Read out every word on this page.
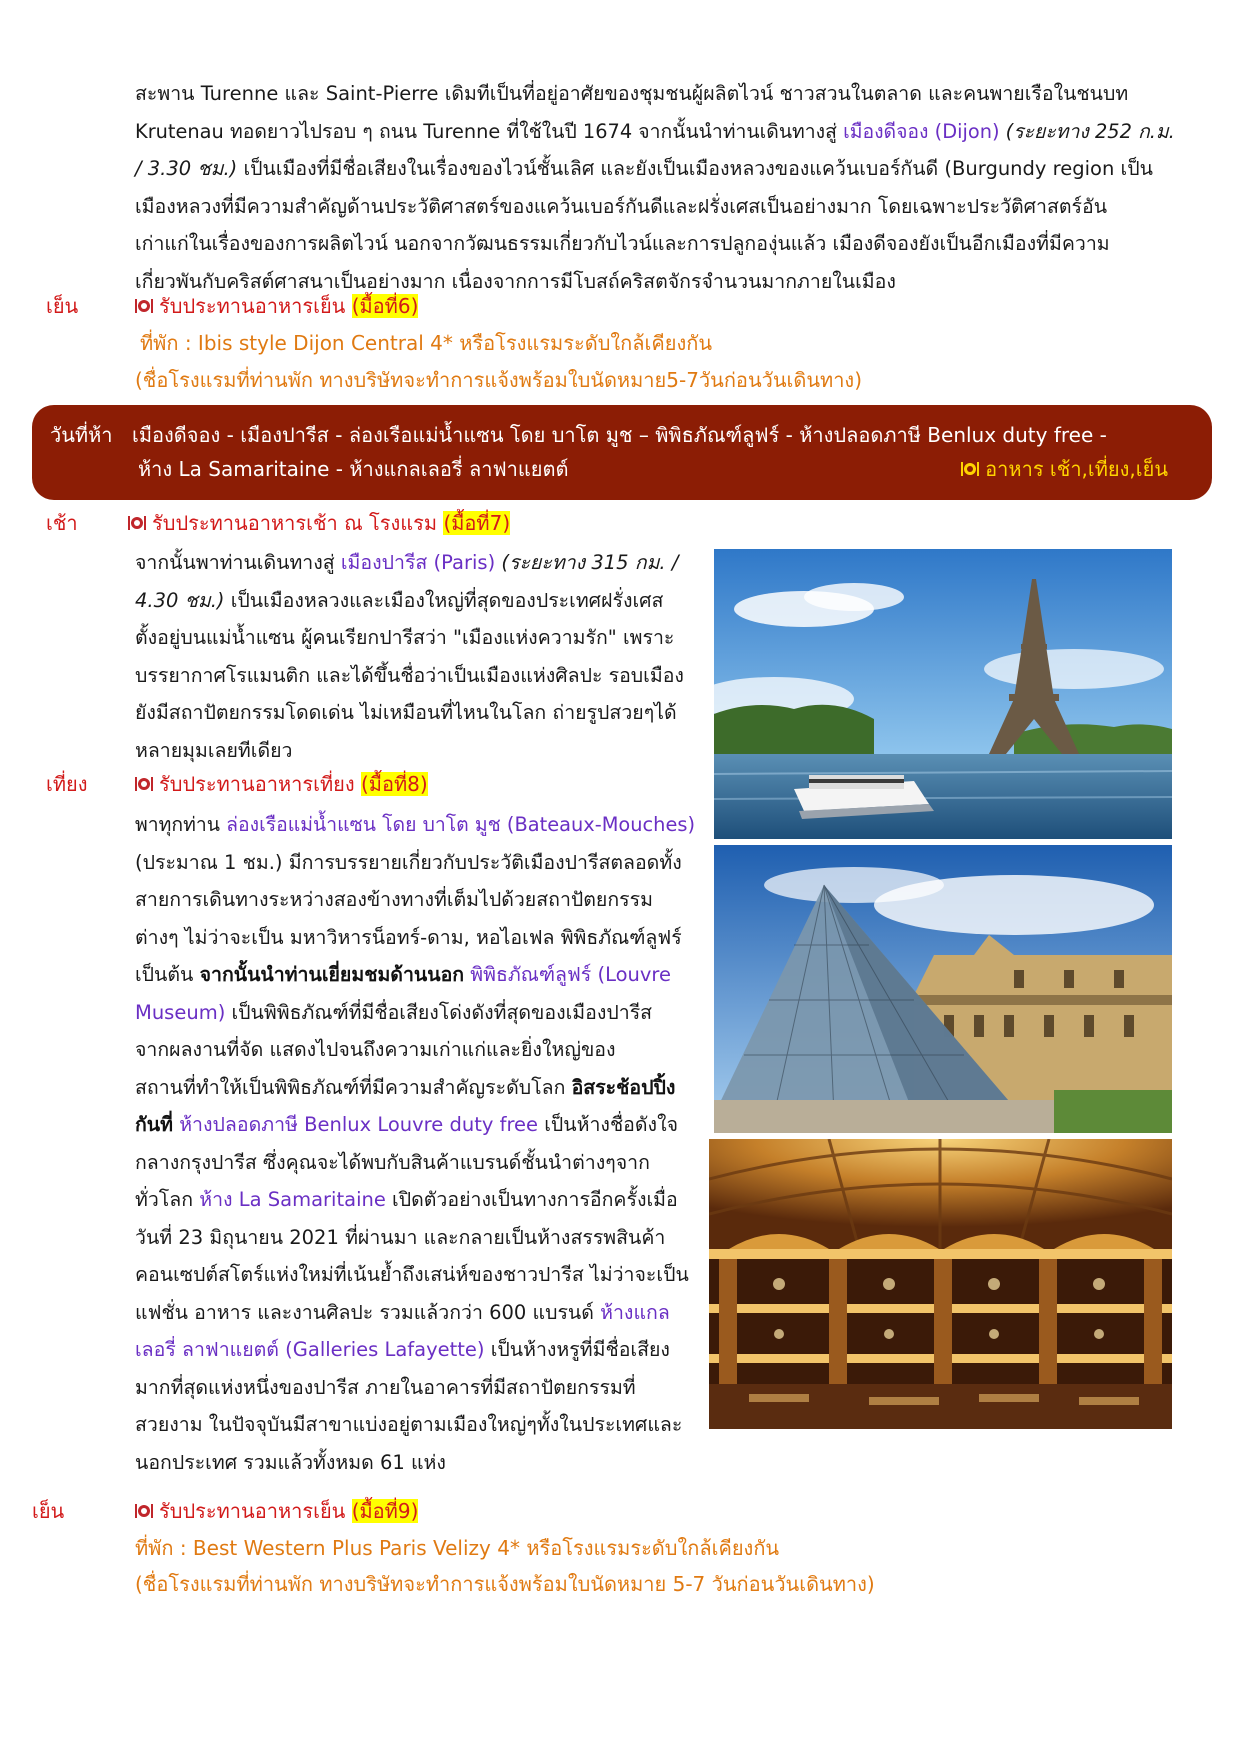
สะพาน Turenne และ Saint-Pierre เดิมทีเป็นที่อยู่อาศัยของชุมชนผู้ผลิตไวน์ ชาวสวนในตลาด และคนพายเรือในชนบท
Krutenau ทอดยาวไปรอบ ๆ ถนน Turenne ที่ใช้ในปี 1674 จากนั้นนำท่านเดินทางสู่ เมืองดีจอง (Dijon) (ระยะทาง 252 ก.ม.
/ 3.30 ชม.) เป็นเมืองที่มีชื่อเสียงในเรื่องของไวน์ชั้นเลิศ และยังเป็นเมืองหลวงของแคว้นเบอร์กันดี (Burgundy region เป็น
เมืองหลวงที่มีความสำคัญด้านประวัติศาสตร์ของแคว้นเบอร์กันดีและฝรั่งเศสเป็นอย่างมาก โดยเฉพาะประวัติศาสตร์อัน
เก่าแก่ในเรื่องของการผลิตไวน์ นอกจากวัฒนธรรมเกี่ยวกับไวน์และการปลูกองุ่นแล้ว เมืองดีจองยังเป็นอีกเมืองที่มีความ
เกี่ยวพันกับคริสต์ศาสนาเป็นอย่างมาก เนื่องจากการมีโบสถ์คริสตจักรจำนวนมากภายในเมือง
เย็น	รับประทานอาหารเย็น (มื้อที่6)
ที่พัก : Ibis style Dijon Central 4* หรือโรงแรมระดับใกล้เคียงกัน
(ชื่อโรงแรมที่ท่านพัก ทางบริษัทจะทำการแจ้งพร้อมใบนัดหมาย5-7วันก่อนวันเดินทาง)
วันที่ห้า เมืองดีจอง - เมืองปารีส - ล่องเรือแม่น้ำแซน โดย บาโต มูช – พิพิธภัณฑ์ลูฟร์ - ห้างปลอดภาษี Benlux duty free -
ห้าง La Samaritaine - ห้างแกลเลอรี่ ลาฟาแยตต์	อาหาร เช้า,เที่ยง,เย็น
เช้า	รับประทานอาหารเช้า ณ โรงแรม (มื้อที่7)
จากนั้นพาท่านเดินทางสู่ เมืองปารีส (Paris) (ระยะทาง 315 กม. /
4.30 ชม.) เป็นเมืองหลวงและเมืองใหญ่ที่สุดของประเทศฝรั่งเศส
ตั้งอยู่บนแม่น้ำแซน ผู้คนเรียกปารีสว่า "เมืองแห่งความรัก" เพราะ
บรรยากาศโรแมนติก และได้ขึ้นชื่อว่าเป็นเมืองแห่งศิลปะ รอบเมือง
ยังมีสถาปัตยกรรมโดดเด่น ไม่เหมือนที่ไหนในโลก ถ่ายรูปสวยๆได้
หลายมุมเลยทีเดียว
เที่ยง	รับประทานอาหารเที่ยง (มื้อที่8)
พาทุกท่าน ล่องเรือแม่น้ำแซน โดย บาโต มูช (Bateaux-Mouches)
(ประมาณ 1 ชม.) มีการบรรยายเกี่ยวกับประวัติเมืองปารีสตลอดทั้ง
สายการเดินทางระหว่างสองข้างทางที่เต็มไปด้วยสถาปัตยกรรม
ต่างๆ ไม่ว่าจะเป็น มหาวิหารน็อทร์-ดาม, หอไอเฟล พิพิธภัณฑ์ลูฟร์
เป็นต้น จากนั้นนำท่านเยี่ยมชมด้านนอก พิพิธภัณฑ์ลูฟร์ (Louvre
Museum) เป็นพิพิธภัณฑ์ที่มีชื่อเสียงโด่งดังที่สุดของเมืองปารีส
จากผลงานที่จัด แสดงไปจนถึงความเก่าแก่และยิ่งใหญ่ของ
สถานที่ทำให้เป็นพิพิธภัณฑ์ที่มีความสำคัญระดับโลก อิสระช้อปปิ้ง
กันที่ ห้างปลอดภาษี Benlux Louvre duty free เป็นห้างชื่อดังใจ
กลางกรุงปารีส ซึ่งคุณจะได้พบกับสินค้าแบรนด์ชั้นนำต่างๆจาก
ทั่วโลก ห้าง La Samaritaine เปิดตัวอย่างเป็นทางการอีกครั้งเมื่อ
วันที่ 23 มิถุนายน 2021 ที่ผ่านมา และกลายเป็นห้างสรรพสินค้า
คอนเซปต์สโตร์แห่งใหม่ที่เน้นย้ำถึงเสน่ห์ของชาวปารีส ไม่ว่าจะเป็น
แฟชั่น อาหาร และงานศิลปะ รวมแล้วกว่า 600 แบรนด์ ห้างแกล
เลอรี่ ลาฟาแยตต์ (Galleries Lafayette) เป็นห้างหรูที่มีชื่อเสียง
มากที่สุดแห่งหนึ่งของปารีส ภายในอาคารที่มีสถาปัตยกรรมที่
สวยงาม ในปัจจุบันมีสาขาแบ่งอยู่ตามเมืองใหญ่ๆทั้งในประเทศและ
นอกประเทศ รวมแล้วทั้งหมด 61 แห่ง
เย็น	รับประทานอาหารเย็น (มื้อที่9)
ที่พัก : Best Western Plus Paris Velizy 4* หรือโรงแรมระดับใกล้เคียงกัน
(ชื่อโรงแรมที่ท่านพัก ทางบริษัทจะทำการแจ้งพร้อมใบนัดหมาย 5-7 วันก่อนวันเดินทาง)
